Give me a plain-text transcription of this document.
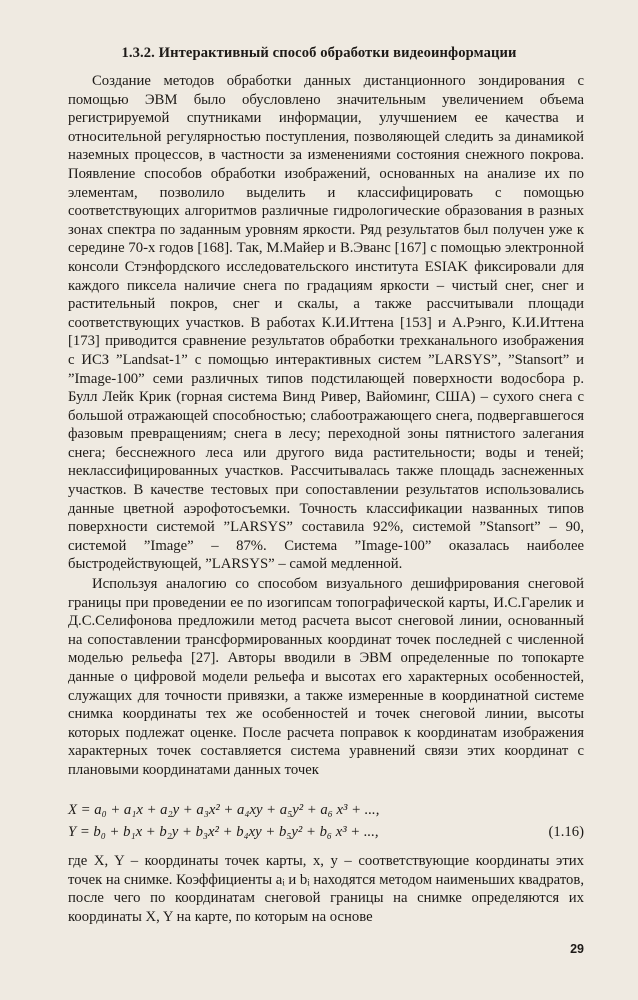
1.3.2. Интерактивный способ обработки видеоинформации

Создание методов обработки данных дистанционного зондирования с помощью ЭВМ было обусловлено значительным увеличением объема регистрируемой спутниками информации, улучшением ее качества и относительной регулярностью поступления, позволяющей следить за динамикой наземных процессов, в частности за изменениями состояния снежного покрова. Появление способов обработки изображений, основанных на анализе их по элементам, позволило выделить и классифицировать с помощью соответствующих алгоритмов различные гидрологические образования в разных зонах спектра по заданным уровням яркости. Ряд результатов был получен уже к середине 70-х годов [168]. Так, М.Майер и В.Эванс [167] с помощью электронной консоли Стэнфордского исследовательского института ESIAK фиксировали для каждого пиксела наличие снега по градациям яркости – чистый снег, снег и растительный покров, снег и скалы, а также рассчитывали площади соответствующих участков. В работах К.И.Иттена [153] и А.Рэнго, К.И.Иттена [173] приводится сравнение результатов обработки трехканального изображения с ИСЗ ”Landsat-1” с помощью интерактивных систем ”LARSYS”, ”Stansort” и ”Image-100” семи различных типов подстилающей поверхности водосбора р. Булл Лейк Крик (горная система Винд Ривер, Вайоминг, США) – сухого снега с большой отражающей способностью; слабоотражающего снега, подвергавшегося фазовым превращениям; снега в лесу; переходной зоны пятнистого залегания снега; бесснежного леса или другого вида растительности; воды и теней; неклассифицированных участков. Рассчитывалась также площадь заснеженных участков. В качестве тестовых при сопоставлении результатов использовались данные цветной аэрофотосъемки. Точность классификации названных типов поверхности системой ”LARSYS” составила 92%, системой ”Stansort” – 90, системой ”Image” – 87%. Система ”Image-100” оказалась наиболее быстродействующей, ”LARSYS” – самой медленной.

Используя аналогию со способом визуального дешифрирования снеговой границы при проведении ее по изогипсам топографической карты, И.С.Гарелик и Д.С.Селифонова предложили метод расчета высот снеговой линии, основанный на сопоставлении трансформированных координат точек последней с численной моделью рельефа [27]. Авторы вводили в ЭВМ определенные по топокарте данные о цифровой модели рельефа и высотах его характерных особенностей, служащих для точности привязки, а также измеренные в координатной системе снимка координаты тех же особенностей и точек снеговой линии, высоты которых подлежат оценке. После расчета поправок к координатам изображения характерных точек составляется система уравнений связи этих координат с плановыми координатами данных точек

X = a₀ + a₁x + a₂y + a₃x² + a₄xy + a₅y² + a₆ x³ + ...,
Y = b₀ + b₁x + b₂y + b₃x² + b₄xy + b₅y² + b₆ x³ + ...,	(1.16)

где X, Y – координаты точек карты, x, y – соответствующие координаты этих точек на снимке. Коэффициенты aᵢ и bᵢ находятся методом наименьших квадратов, после чего по координатам снеговой границы на снимке определяются их координаты X, Y на карте, по которым на основе

29
